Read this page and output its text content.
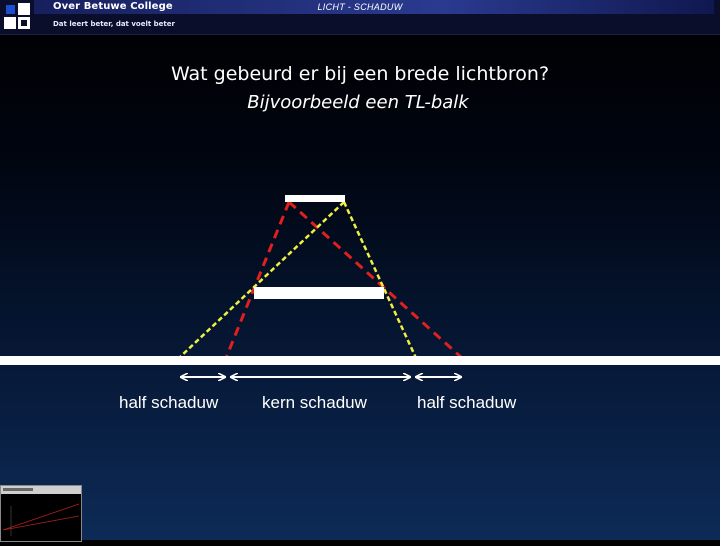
Over Betuwe College
Dat leert beter, dat voelt beter
LICHT - SCHADUW
Wat gebeurd er bij een brede lichtbron?
Bijvoorbeeld een TL-balk
half schaduw	kern schaduw	half schaduw
